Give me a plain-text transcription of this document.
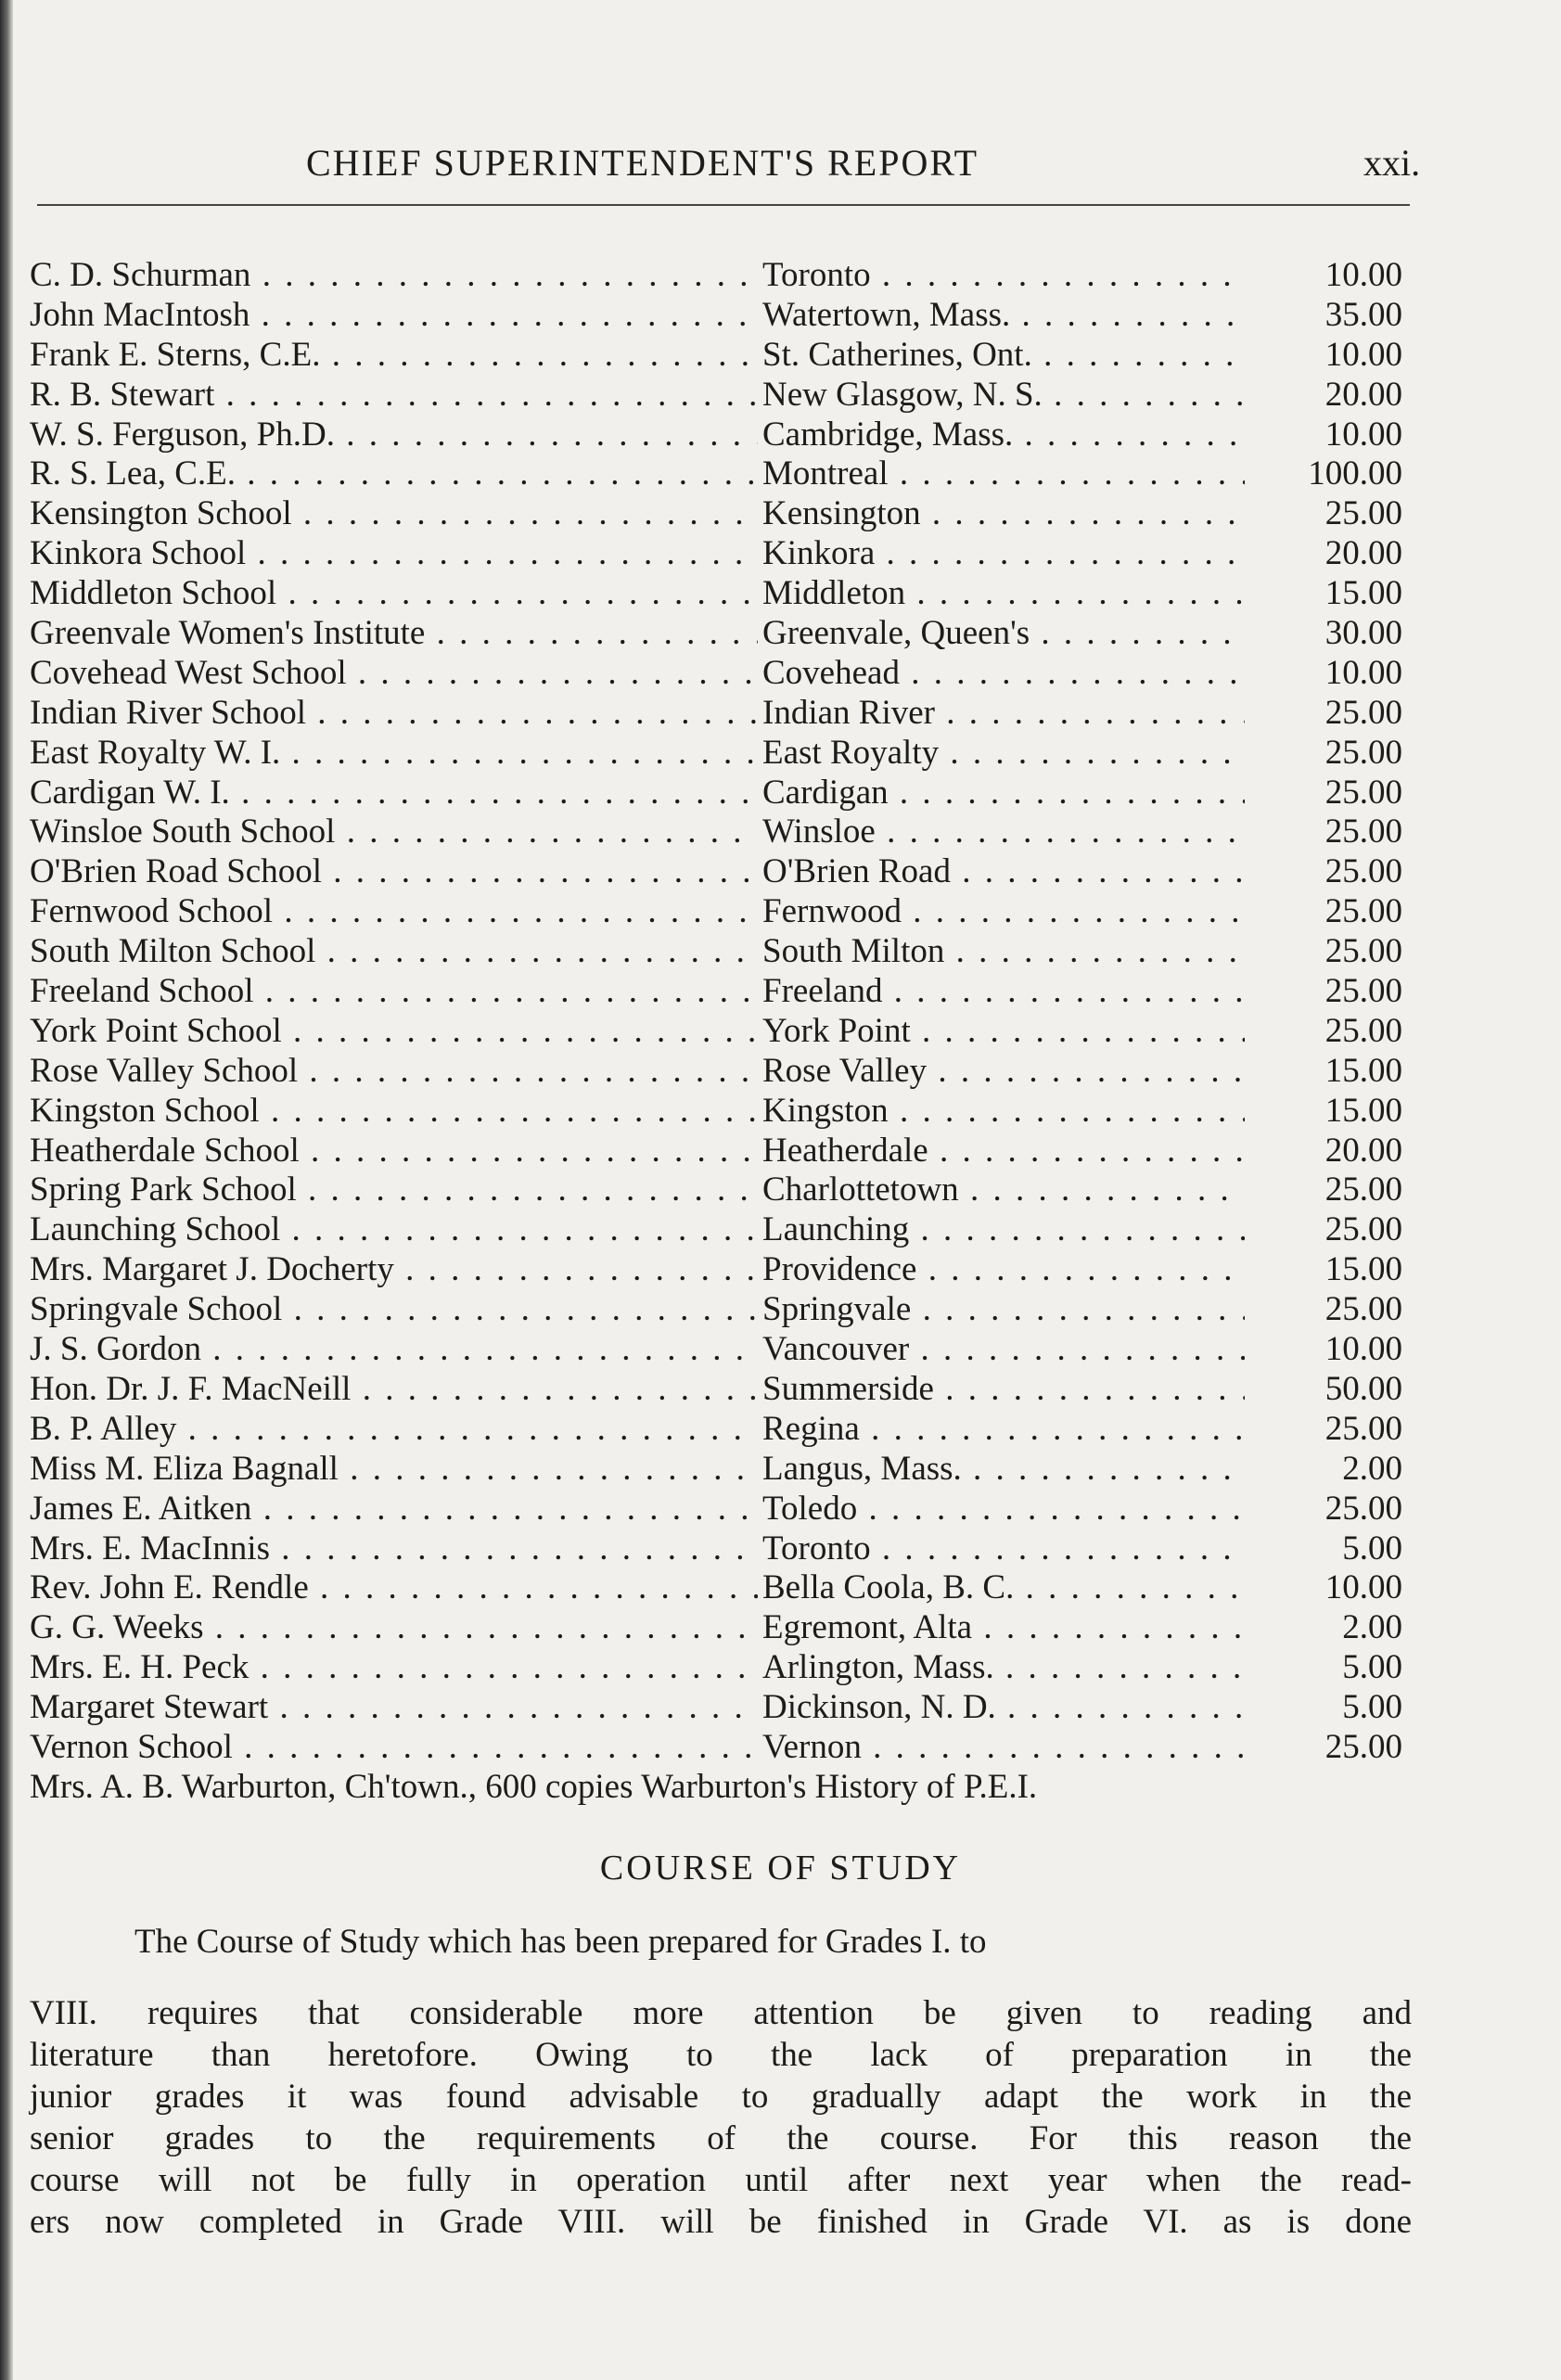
CHIEF SUPERINTENDENT'S REPORT	xxi.
C. D. Schurman . . .	Toronto . . .	10.00
John MacIntosh . . .	Watertown, Mass. . . .	35.00
Frank E. Sterns, C.E. . . .	St. Catherines, Ont. . . .	10.00
R. B. Stewart . . .	New Glasgow, N. S. . . .	20.00
W. S. Ferguson, Ph.D. . . .	Cambridge, Mass. . . .	10.00
R. S. Lea, C.E. . . .	Montreal . . .	100.00
Kensington School . . .	Kensington . . .	25.00
Kinkora School . . .	Kinkora . . .	20.00
Middleton School . . .	Middleton . . .	15.00
Greenvale Women's Institute . . .	Greenvale, Queen's . . .	30.00
Covehead West School . . .	Covehead . . .	10.00
Indian River School . . .	Indian River . . .	25.00
East Royalty W. I. . . .	East Royalty . . .	25.00
Cardigan W. I. . . .	Cardigan . . .	25.00
Winsloe South School . . .	Winsloe . . .	25.00
O'Brien Road School . . .	O'Brien Road . . .	25.00
Fernwood School . . .	Fernwood . . .	25.00
South Milton School . . .	South Milton . . .	25.00
Freeland School . . .	Freeland . . .	25.00
York Point School . . .	York Point . . .	25.00
Rose Valley School . . .	Rose Valley . . .	15.00
Kingston School . . .	Kingston . . .	15.00
Heatherdale School . . .	Heatherdale . . .	20.00
Spring Park School . . .	Charlottetown . . .	25.00
Launching School . . .	Launching . . .	25.00
Mrs. Margaret J. Docherty . . .	Providence . . .	15.00
Springvale School . . .	Springvale . . .	25.00
J. S. Gordon . . .	Vancouver . . .	10.00
Hon. Dr. J. F. MacNeill . . .	Summerside . . .	50.00
B. P. Alley . . .	Regina . . .	25.00
Miss M. Eliza Bagnall . . .	Langus, Mass. . . .	2.00
James E. Aitken . . .	Toledo . . .	25.00
Mrs. E. MacInnis . . .	Toronto . . .	5.00
Rev. John E. Rendle . . .	Bella Coola, B. C. . . .	10.00
G. G. Weeks . . .	Egremont, Alta . . .	2.00
Mrs. E. H. Peck . . .	Arlington, Mass. . . .	5.00
Margaret Stewart . . .	Dickinson, N. D. . . .	5.00
Vernon School . . .	Vernon . . .	25.00
Mrs. A. B. Warburton, Ch'town., 600 copies Warburton's History of P.E.I.
COURSE OF STUDY
The Course of Study which has been prepared for Grades I. to
VIII. requires that considerable more attention be given to reading and
literature than heretofore. Owing to the lack of preparation in the
junior grades it was found advisable to gradually adapt the work in the
senior grades to the requirements of the course. For this reason the
course will not be fully in operation until after next year when the read-
ers now completed in Grade VIII. will be finished in Grade VI. as is done
